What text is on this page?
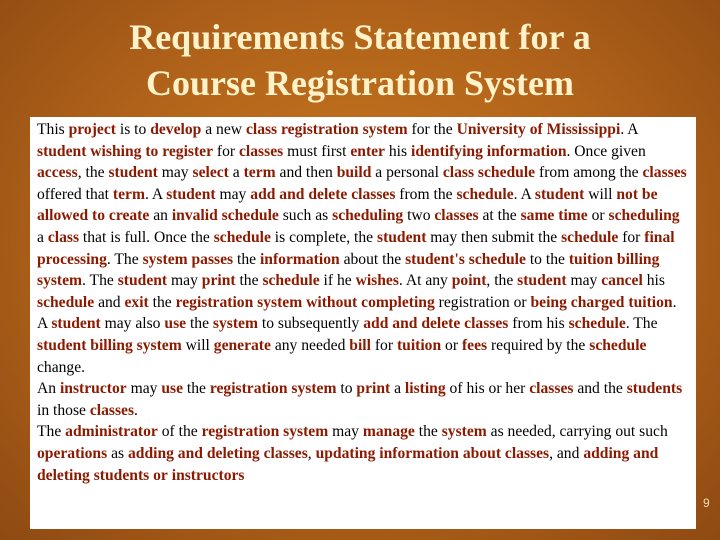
Requirements Statement for a
Course Registration System

This project is to develop a new class registration system for the University of Mississippi. A student wishing to register for classes must first enter his identifying information. Once given access, the student may select a term and then build a personal class schedule from among the classes offered that term. A student may add and delete classes from the schedule. A student will not be allowed to create an invalid schedule such as scheduling two classes at the same time or scheduling a class that is full. Once the schedule is complete, the student may then submit the schedule for final processing. The system passes the information about the student's schedule to the tuition billing system. The student may print the schedule if he wishes. At any point, the student may cancel his schedule and exit the registration system without completing registration or being charged tuition.

A student may also use the system to subsequently add and delete classes from his schedule. The student billing system will generate any needed bill for tuition or fees required by the schedule change.

An instructor may use the registration system to print a listing of his or her classes and the students in those classes.

The administrator of the registration system may manage the system as needed, carrying out such operations as adding and deleting classes, updating information about classes, and adding and deleting students or instructors

9
